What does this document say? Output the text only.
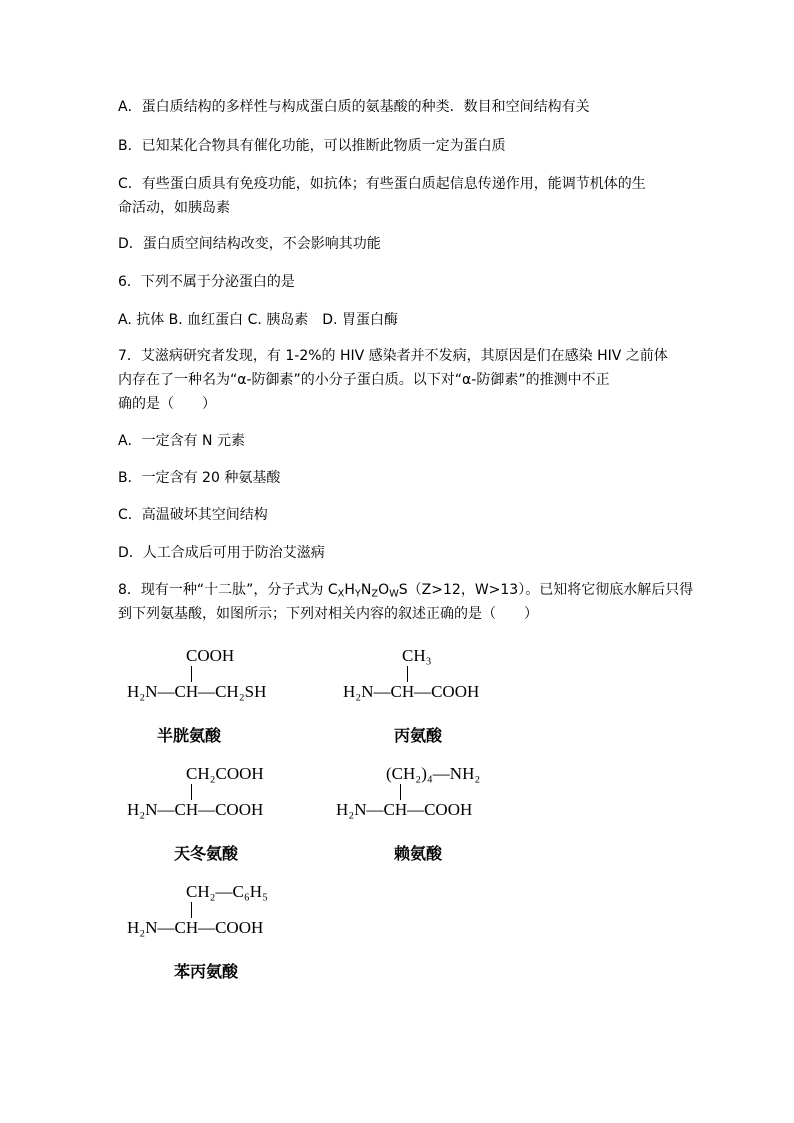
A．蛋白质结构的多样性与构成蛋白质的氨基酸的种类．数目和空间结构有关
B．已知某化合物具有催化功能，可以推断此物质一定为蛋白质
C．有些蛋白质具有免疫功能，如抗体；有些蛋白质起信息传递作用，能调节机体的生
命活动，如胰岛素
D．蛋白质空间结构改变，不会影响其功能
6．下列不属于分泌蛋白的是
A. 抗体 B. 血红蛋白 C. 胰岛素　D. 胃蛋白酶
7．艾滋病研究者发现，有 1-2%的 HIV 感染者并不发病，其原因是们在感染 HIV 之前体
内存在了一种名为“α-防御素”的小分子蛋白质。以下对“α-防御素”的推测中不正
确的是（　　）
A．一定含有 N 元素
B．一定含有 20 种氨基酸
C．高温破坏其空间结构
D．人工合成后可用于防治艾滋病
8．现有一种“十二肽”，分子式为 $C_XH_YN_ZO_WS(Z>12$，W>13）。已知将它彻底水解后只得
到下列氨基酸，如图所示；下列对相关内容的叙述正确的是（　　）
COOH
H₂N—CH—CH₂SH
半胱氨酸
CH₃
H₂N—CH—COOH
丙氨酸
CH₂COOH
H₂N—CH—COOH
天冬氨酸
(CH₂)₄—NH₂
H₂N—CH—COOH
赖氨酸
CH₂—C₆H₅
H₂N—CH—COOH
苯丙氨酸
